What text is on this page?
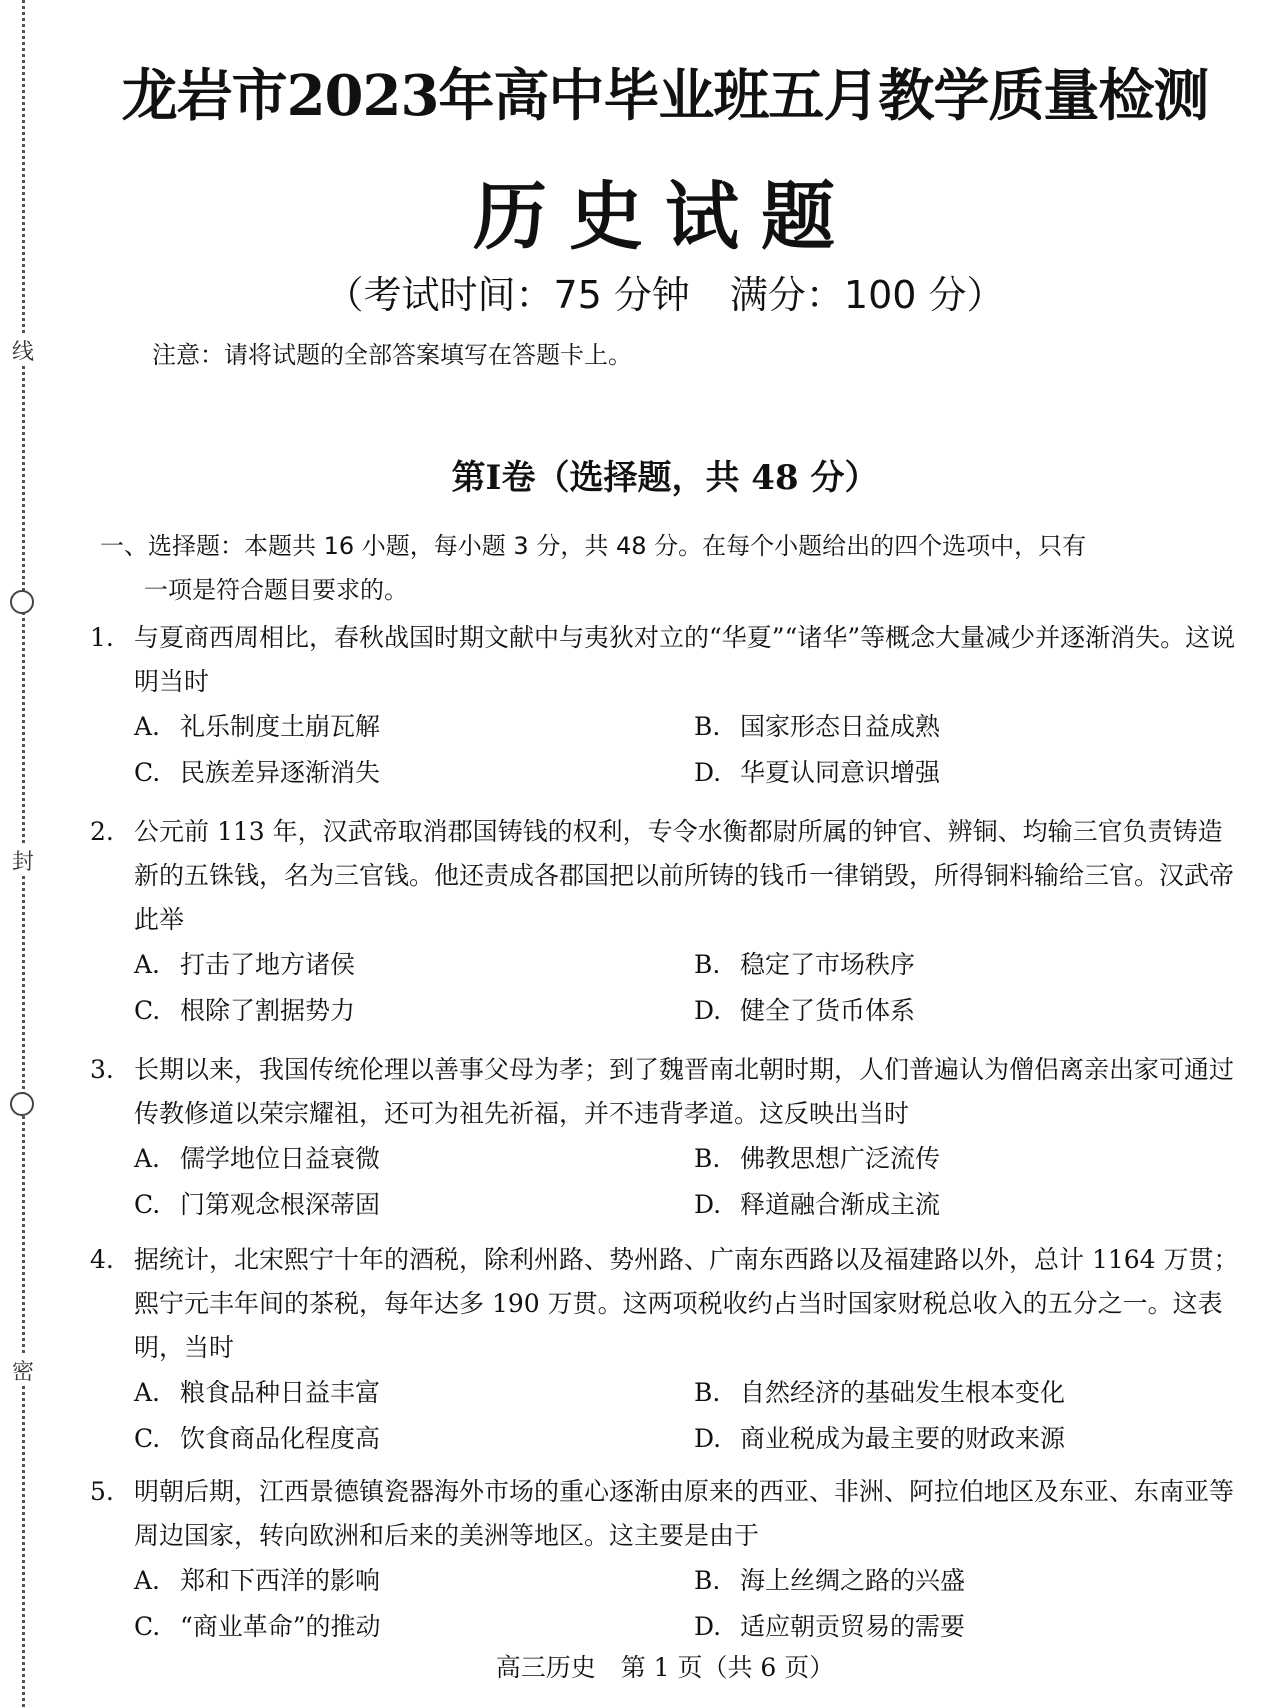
线
封
密
龙岩市2023年高中毕业班五月教学质量检测
历史试题
（考试时间：75 分钟 满分：100 分）
注意：请将试题的全部答案填写在答题卡上。
第Ⅰ卷（选择题，共 48 分）
一、选择题：本题共 16 小题，每小题 3 分，共 48 分。在每个小题给出的四个选项中，只有
一项是符合题目要求的。
1. 与夏商西周相比，春秋战国时期文献中与夷狄对立的“华夏”“诸华”等概念大量减少并逐渐消失。这说明当时
A. 礼乐制度土崩瓦解	B. 国家形态日益成熟
C. 民族差异逐渐消失	D. 华夏认同意识增强
2. 公元前 113 年，汉武帝取消郡国铸钱的权利，专令水衡都尉所属的钟官、辨铜、均输三官负责铸造新的五铢钱，名为三官钱。他还责成各郡国把以前所铸的钱币一律销毁，所得铜料输给三官。汉武帝此举
A. 打击了地方诸侯	B. 稳定了市场秩序
C. 根除了割据势力	D. 健全了货币体系
3. 长期以来，我国传统伦理以善事父母为孝；到了魏晋南北朝时期，人们普遍认为僧侣离亲出家可通过传教修道以荣宗耀祖，还可为祖先祈福，并不违背孝道。这反映出当时
A. 儒学地位日益衰微	B. 佛教思想广泛流传
C. 门第观念根深蒂固	D. 释道融合渐成主流
4. 据统计，北宋熙宁十年的酒税，除利州路、势州路、广南东西路以及福建路以外，总计 1164 万贯；熙宁元丰年间的茶税，每年达多 190 万贯。这两项税收约占当时国家财税总收入的五分之一。这表明，当时
A. 粮食品种日益丰富	B. 自然经济的基础发生根本变化
C. 饮食商品化程度高	D. 商业税成为最主要的财政来源
5. 明朝后期，江西景德镇瓷器海外市场的重心逐渐由原来的西亚、非洲、阿拉伯地区及东亚、东南亚等周边国家，转向欧洲和后来的美洲等地区。这主要是由于
A. 郑和下西洋的影响	B. 海上丝绸之路的兴盛
C. “商业革命”的推动	D. 适应朝贡贸易的需要
高三历史　第 1 页（共 6 页）
